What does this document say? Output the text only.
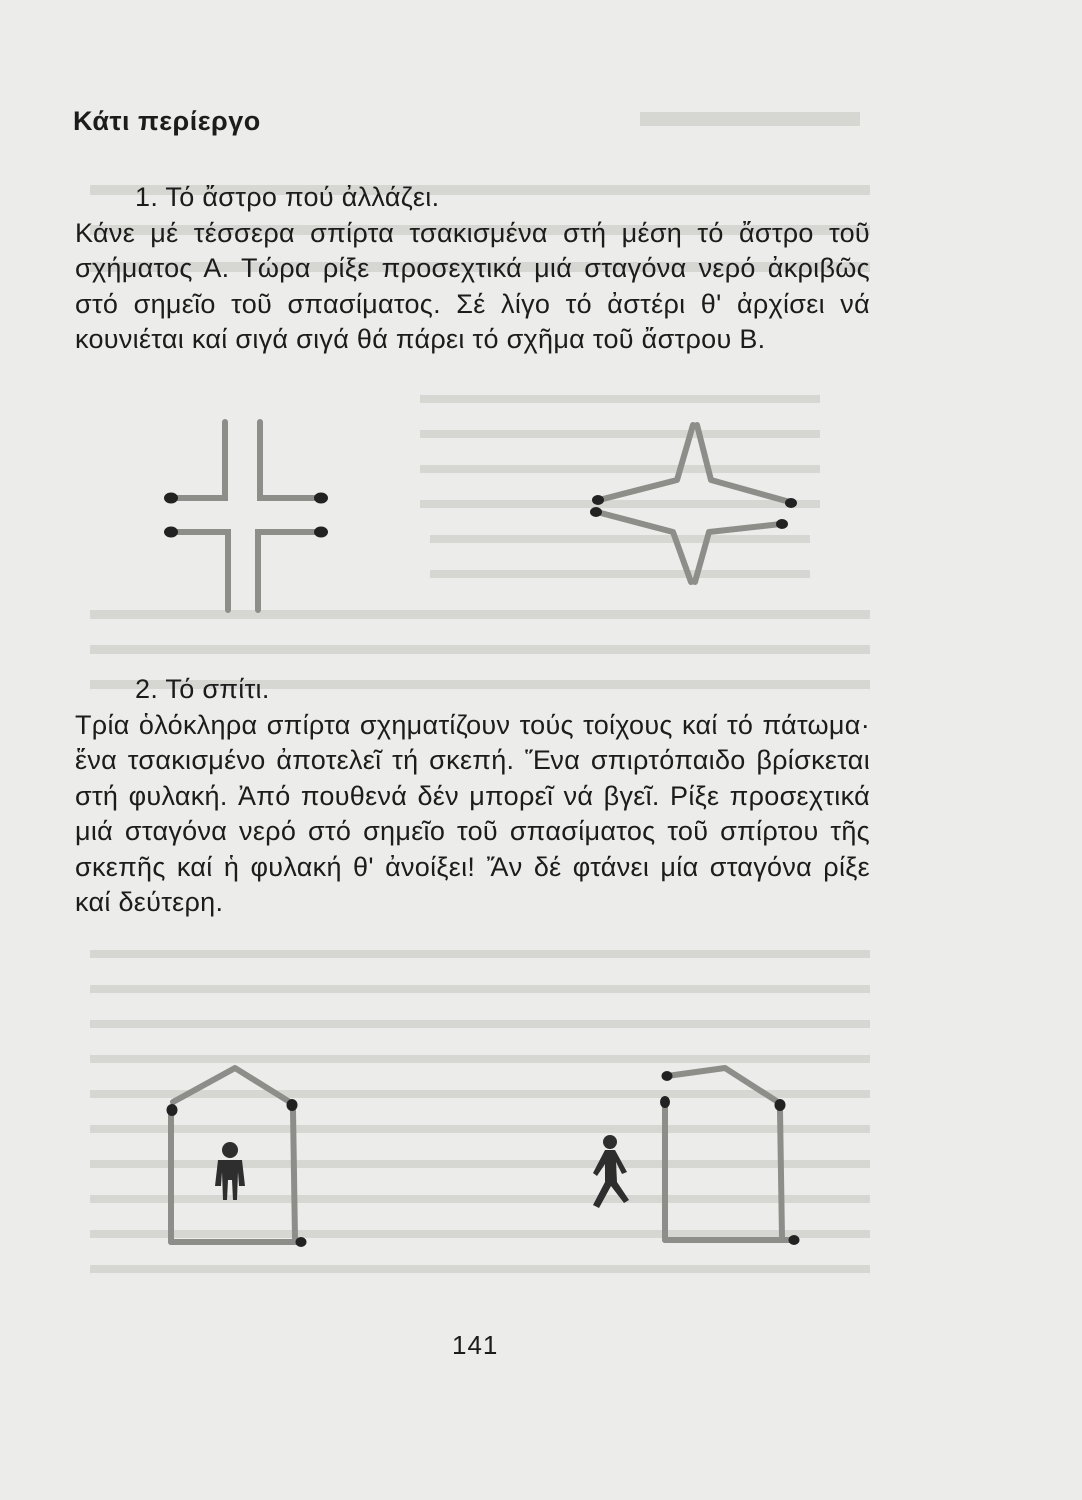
Κάτι περίεργο
1. Τό ἄστρο πού ἀλλάζει.
Κάνε μέ τέσσερα σπίρτα τσακισμένα στή μέση τό ἄστρο τοῦ σχήματος Α. Τώρα ρίξε προσεχτικά μιά σταγόνα νερό ἀκριβῶς στό σημεῖο τοῦ σπασίματος. Σέ λίγο τό ἀστέρι θ' ἀρχίσει νά κουνιέται καί σιγά σιγά θά πάρει τό σχῆμα τοῦ ἄστρου Β.
2. Τό σπίτι.
Τρία ὁλόκληρα σπίρτα σχηματίζουν τούς τοίχους καί τό πάτωμα· ἕνα τσακισμένο ἀποτελεῖ τή σκεπή. Ἕνα σπιρτόπαιδο βρίσκεται στή φυλακή. Ἀπό πουθενά δέν μπορεῖ νά βγεῖ. Ρίξε προσεχτικά μιά σταγόνα νερό στό σημεῖο τοῦ σπασίματος τοῦ σπίρτου τῆς σκεπῆς καί ἡ φυλακή θ' ἀνοίξει! Ἄν δέ φτάνει μία σταγόνα ρίξε καί δεύτερη.
141
